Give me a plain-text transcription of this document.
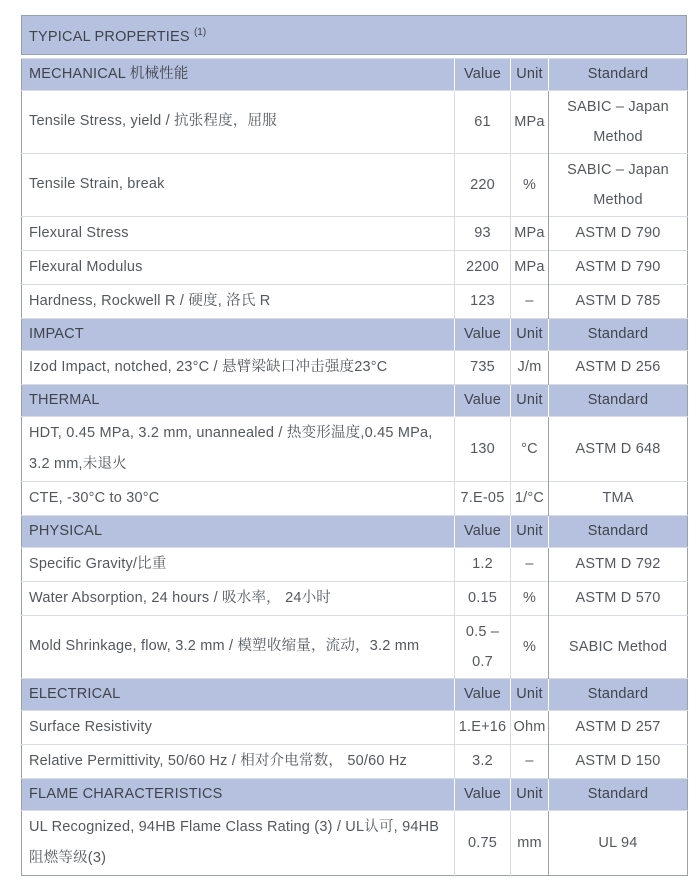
TYPICAL PROPERTIES $^{(1)}$
MECHANICAL 机械性能	Value	Unit	Standard
Tensile Stress, yield / 抗张程度，屈服	61	MPa	SABIC – Japan Method
Tensile Strain, break	220	%	SABIC – Japan Method
Flexural Stress	93	MPa	ASTM D 790
Flexural Modulus	2200	MPa	ASTM D 790
Hardness, Rockwell R / 硬度, 洛氏 R	123	–	ASTM D 785
IMPACT	Value	Unit	Standard
Izod Impact, notched, 23°C / 悬臂梁缺口冲击强度23°C	735	J/m	ASTM D 256
THERMAL	Value	Unit	Standard
HDT, 0.45 MPa, 3.2 mm, unannealed / 热变形温度,0.45 MPa, 3.2 mm,未退火	130	°C	ASTM D 648
CTE, -30°C to 30°C	7.E-05	1/°C	TMA
PHYSICAL	Value	Unit	Standard
Specific Gravity/比重	1.2	–	ASTM D 792
Water Absorption, 24 hours / 吸水率， 24小时	0.15	%	ASTM D 570
Mold Shrinkage, flow, 3.2 mm / 模塑收缩量，流动，3.2 mm	0.5 – 0.7	%	SABIC Method
ELECTRICAL	Value	Unit	Standard
Surface Resistivity	1.E+16	Ohm	ASTM D 257
Relative Permittivity, 50/60 Hz / 相对介电常数， 50/60 Hz	3.2	–	ASTM D 150
FLAME CHARACTERISTICS	Value	Unit	Standard
UL Recognized, 94HB Flame Class Rating (3) / UL认可, 94HB 阻燃等级(3)	0.75	mm	UL 94
